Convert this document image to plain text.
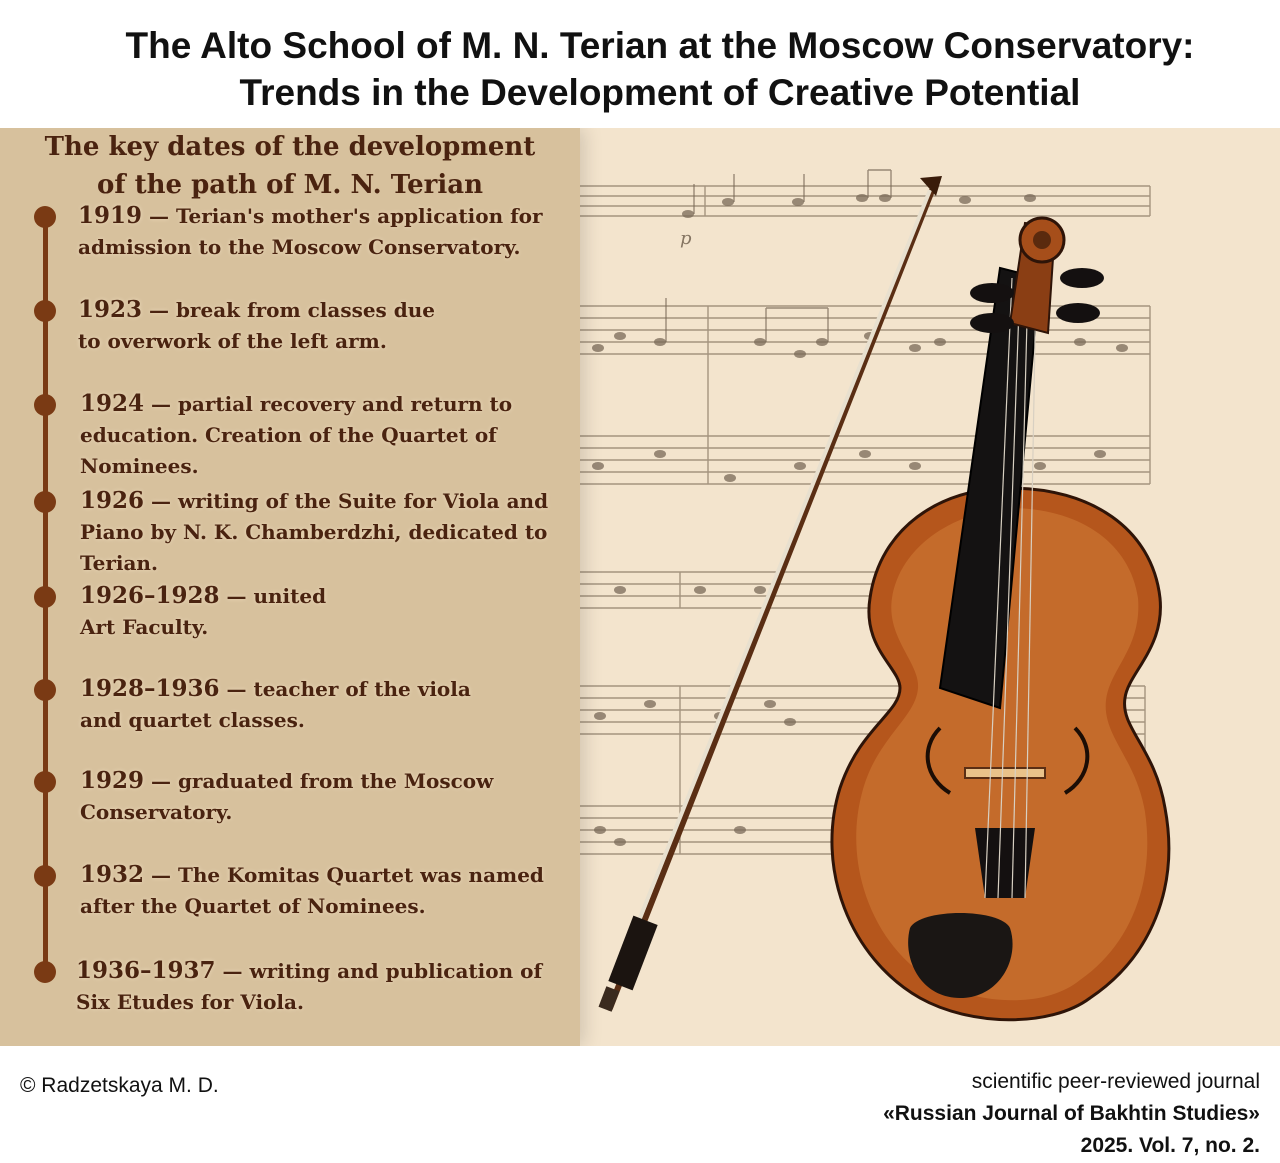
The Alto School of M. N. Terian at the Moscow Conservatory:
Trends in the Development of Creative Potential
p
The key dates of the development
of the path of M. N. Terian
1919 — Terian's mother's application for admission to the Moscow Conservatory.
1923 — break from classes due to overwork of the left arm.
1924 — partial recovery and return to education. Creation of the Quartet of Nominees.
1926 — writing of the Suite for Viola and Piano by N. K. Chamberdzhi, dedicated to Terian.
1926–1928 — united Art Faculty.
1928–1936 — teacher of the viola and quartet classes.
1929 — graduated from the Moscow Conservatory.
1932 — The Komitas Quartet was named after the Quartet of Nominees.
1936–1937 — writing and publication of Six Etudes for Viola.
© Radzetskaya M. D.	scientific peer-reviewed journal
«Russian Journal of Bakhtin Studies»
2025. Vol. 7, no. 2.
